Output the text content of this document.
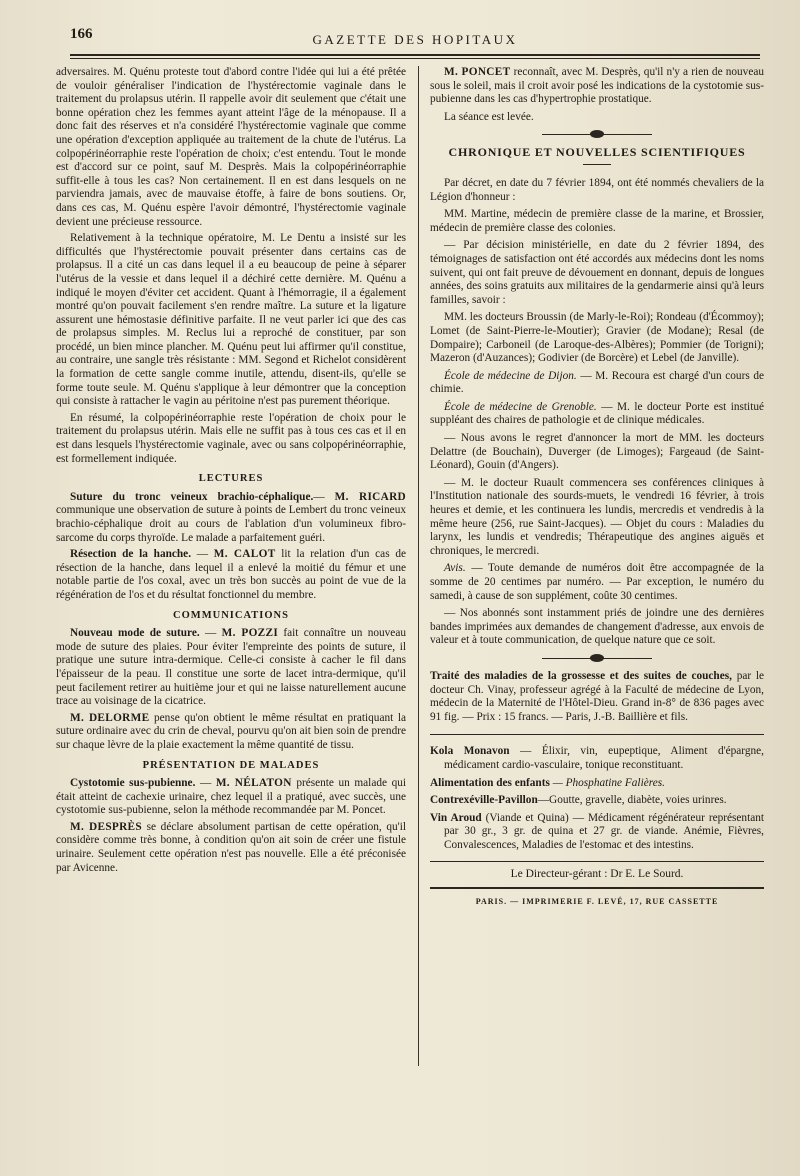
166	GAZETTE DES HOPITAUX

adversaires. M. Quénu proteste tout d'abord contre l'idée qui lui a été prêtée de vouloir généraliser l'indication de l'hystérectomie vaginale dans le traitement du prolapsus utérin. Il rappelle avoir dit seulement que c'était une bonne opération chez les femmes ayant atteint l'âge de la ménopause. Il a donc fait des réserves et n'a considéré l'hystérectomie vaginale que comme une opération d'exception appliquée au traitement de la chute de l'utérus. La colpopérinéorraphie reste l'opération de choix; c'est entendu. Tout le monde est d'accord sur ce point, sauf M. Desprès. Mais la colpopérinéorraphie suffit-elle à tous les cas? Non certainement. Il en est dans lesquels on ne parviendra jamais, avec de mauvaise étoffe, à faire de bons soutiens. Or, dans ces cas, M. Quénu espère l'avoir démontré, l'hystérectomie vaginale devient une précieuse ressource.

Relativement à la technique opératoire, M. Le Dentu a insisté sur les difficultés que l'hystérectomie pouvait présenter dans certains cas de prolapsus. Il a cité un cas dans lequel il a eu beaucoup de peine à séparer l'utérus de la vessie et dans lequel il a déchiré cette dernière. M. Quénu a indiqué le moyen d'éviter cet accident. Quant à l'hémorragie, il a également montré qu'on pouvait facilement s'en rendre maître. La suture et la ligature assurent une hémostasie définitive parfaite. Il ne veut parler ici que des cas de prolapsus simples. M. Reclus lui a reproché de constituer, par son procédé, un bien mince plancher. M. Quénu peut lui affirmer qu'il constitue, au contraire, une sangle très résistante : MM. Segond et Richelot considèrent la formation de cette sangle comme inutile, attendu, disent-ils, qu'elle se forme toute seule. M. Quénu s'applique à leur démontrer que la conception qui consiste à rattacher le vagin au péritoine n'est pas purement théorique.

En résumé, la colpopérinéorraphie reste l'opération de choix pour le traitement du prolapsus utérin. Mais elle ne suffit pas à tous ces cas et il en est dans lesquels l'hystérectomie vaginale, avec ou sans colpopérinéorraphie, est formellement indiquée.

LECTURES

Suture du tronc veineux brachio-céphalique.— M. RICARD communique une observation de suture à points de Lembert du tronc veineux brachio-céphalique droit au cours de l'ablation d'un volumineux fibro-sarcome du corps thyroïde. Le malade a parfaitement guéri.

Résection de la hanche. — M. CALOT lit la relation d'un cas de résection de la hanche, dans lequel il a enlevé la moitié du fémur et une notable partie de l'os coxal, avec un très bon succès au point de vue de la régénération de l'os et du résultat fonctionnel du membre.

COMMUNICATIONS

Nouveau mode de suture. — M. POZZI fait connaître un nouveau mode de suture des plaies. Pour éviter l'empreinte des points de suture, il pratique une suture intra-dermique. Celle-ci consiste à cacher le fil dans l'épaisseur de la peau. Il constitue une sorte de lacet intra-dermique, qu'il peut facilement retirer au huitième jour et qui ne laisse naturellement aucune trace au voisinage de la cicatrice.

M. DELORME pense qu'on obtient le même résultat en pratiquant la suture ordinaire avec du crin de cheval, pourvu qu'on ait bien soin de prendre sur chaque lèvre de la plaie exactement la même quantité de tissu.

PRÉSENTATION DE MALADES

Cystotomie sus-pubienne. — M. NÉLATON présente un malade qui était atteint de cachexie urinaire, chez lequel il a pratiqué, avec succès, une cystotomie sus-pubienne, selon la méthode recommandée par M. Poncet.

M. DESPRÈS se déclare absolument partisan de cette opération, qu'il considère comme très bonne, à condition qu'on ait soin de créer une fistule urinaire. Seulement cette opération n'est pas nouvelle. Elle a été préconisée par Avicenne.

M. PONCET reconnaît, avec M. Desprès, qu'il n'y a rien de nouveau sous le soleil, mais il croit avoir posé les indications de la cystotomie sus-pubienne dans les cas d'hypertrophie prostatique.

La séance est levée.

CHRONIQUE ET NOUVELLES SCIENTIFIQUES

Par décret, en date du 7 février 1894, ont été nommés chevaliers de la Légion d'honneur :

MM. Martine, médecin de première classe de la marine, et Brossier, médecin de première classe des colonies.

— Par décision ministérielle, en date du 2 février 1894, des témoignages de satisfaction ont été accordés aux médecins dont les noms suivent, qui ont fait preuve de dévouement en donnant, depuis de longues années, des soins gratuits aux militaires de la gendarmerie ainsi qu'à leurs familles, savoir :

MM. les docteurs Broussin (de Marly-le-Roi); Rondeau (d'Écommoy); Lomet (de Saint-Pierre-le-Moutier); Gravier (de Modane); Resal (de Dompaire); Carboneil (de Laroque-des-Albères); Pommier (de Torigni); Mazeron (d'Auzances); Godivier (de Borcère) et Lebel (de Janville).

École de médecine de Dijon. — M. Recoura est chargé d'un cours de chimie.

École de médecine de Grenoble. — M. le docteur Porte est institué suppléant des chaires de pathologie et de clinique médicales.

— Nous avons le regret d'annoncer la mort de MM. les docteurs Delattre (de Bouchain), Duverger (de Limoges); Fargeaud (de Saint-Léonard), Gouin (d'Angers).

— M. le docteur Ruault commencera ses conférences cliniques à l'Institution nationale des sourds-muets, le vendredi 16 février, à trois heures et demie, et les continuera les lundis, mercredis et vendredis à la même heure (256, rue Saint-Jacques). — Objet du cours : Maladies du larynx, les lundis et vendredis; Thérapeutique des angines aiguës et chroniques, le mercredi.

Avis. — Toute demande de numéros doit être accompagnée de la somme de 20 centimes par numéro. — Par exception, le numéro du samedi, à cause de son supplément, coûte 30 centimes.

— Nos abonnés sont instamment priés de joindre une des dernières bandes imprimées aux demandes de changement d'adresse, aux envois de valeur et à toute communication, de quelque nature que ce soit.

Traité des maladies de la grossesse et des suites de couches, par le docteur Ch. Vinay, professeur agrégé à la Faculté de médecine de Lyon, médecin de la Maternité de l'Hôtel-Dieu. Grand in-8° de 836 pages avec 91 fig. — Prix : 15 francs. — Paris, J.-B. Baillière et fils.

Kola Monavon — Élixir, vin, eupeptique, Aliment d'épargne, médicament cardio-vasculaire, tonique reconstituant.

Alimentation des enfants — Phosphatine Falières.

Contrexéville-Pavillon—Goutte, gravelle, diabète, voies urinres.

Vin Aroud (Viande et Quina) — Médicament régénérateur représentant par 30 gr., 3 gr. de quina et 27 gr. de viande. Anémie, Fièvres, Convalescences, Maladies de l'estomac et des intestins.

Le Directeur-gérant : Dr E. Le Sourd.
PARIS. — IMPRIMERIE F. LEVÉ, 17, RUE CASSETTE
